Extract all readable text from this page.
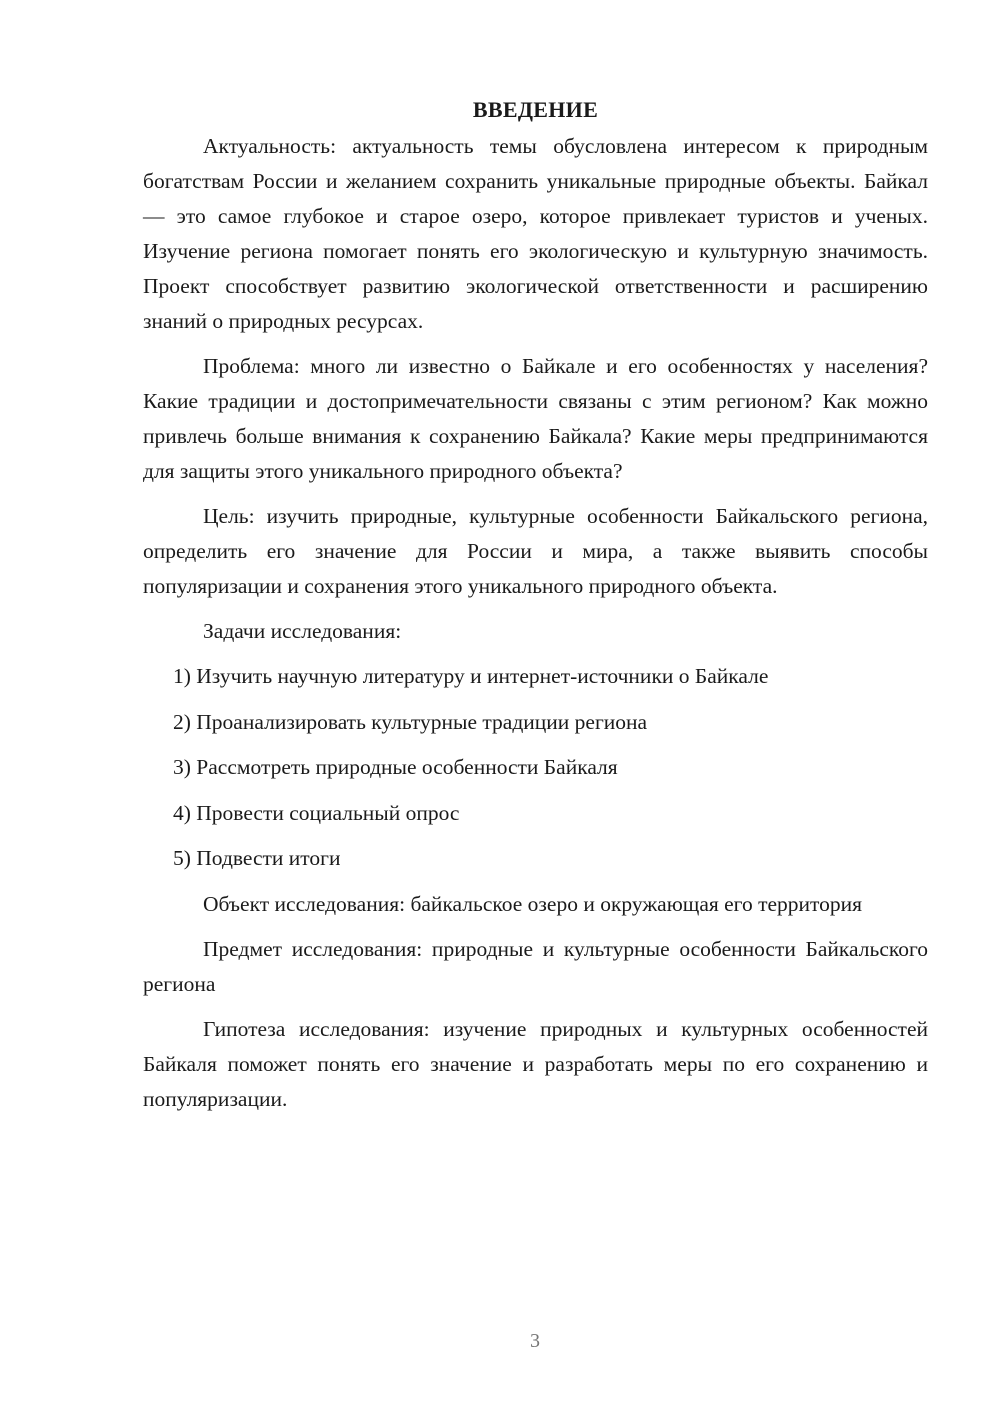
ВВЕДЕНИЕ

Актуальность: актуальность темы обусловлена интересом к природным богатствам России и желанием сохранить уникальные природные объекты. Байкал — это самое глубокое и старое озеро, которое привлекает туристов и ученых. Изучение региона помогает понять его экологическую и культурную значимость. Проект способствует развитию экологической ответственности и расширению знаний о природных ресурсах.

Проблема: много ли известно о Байкале и его особенностях у населения? Какие традиции и достопримечательности связаны с этим регионом? Как можно привлечь больше внимания к сохранению Байкала? Какие меры предпринимаются для защиты этого уникального природного объекта?

Цель: изучить природные, культурные особенности Байкальского региона, определить его значение для России и мира, а также выявить способы популяризации и сохранения этого уникального природного объекта.

Задачи исследования:

1) Изучить научную литературу и интернет-источники о Байкале
2) Проанализировать культурные традиции региона
3) Рассмотреть природные особенности Байкаля
4) Провести социальный опрос
5) Подвести итоги

Объект исследования: байкальское озеро и окружающая его территория

Предмет исследования: природные и культурные особенности Байкальского региона

Гипотеза исследования: изучение природных и культурных особенностей Байкаля поможет понять его значение и разработать меры по его сохранению и популяризации.

3
